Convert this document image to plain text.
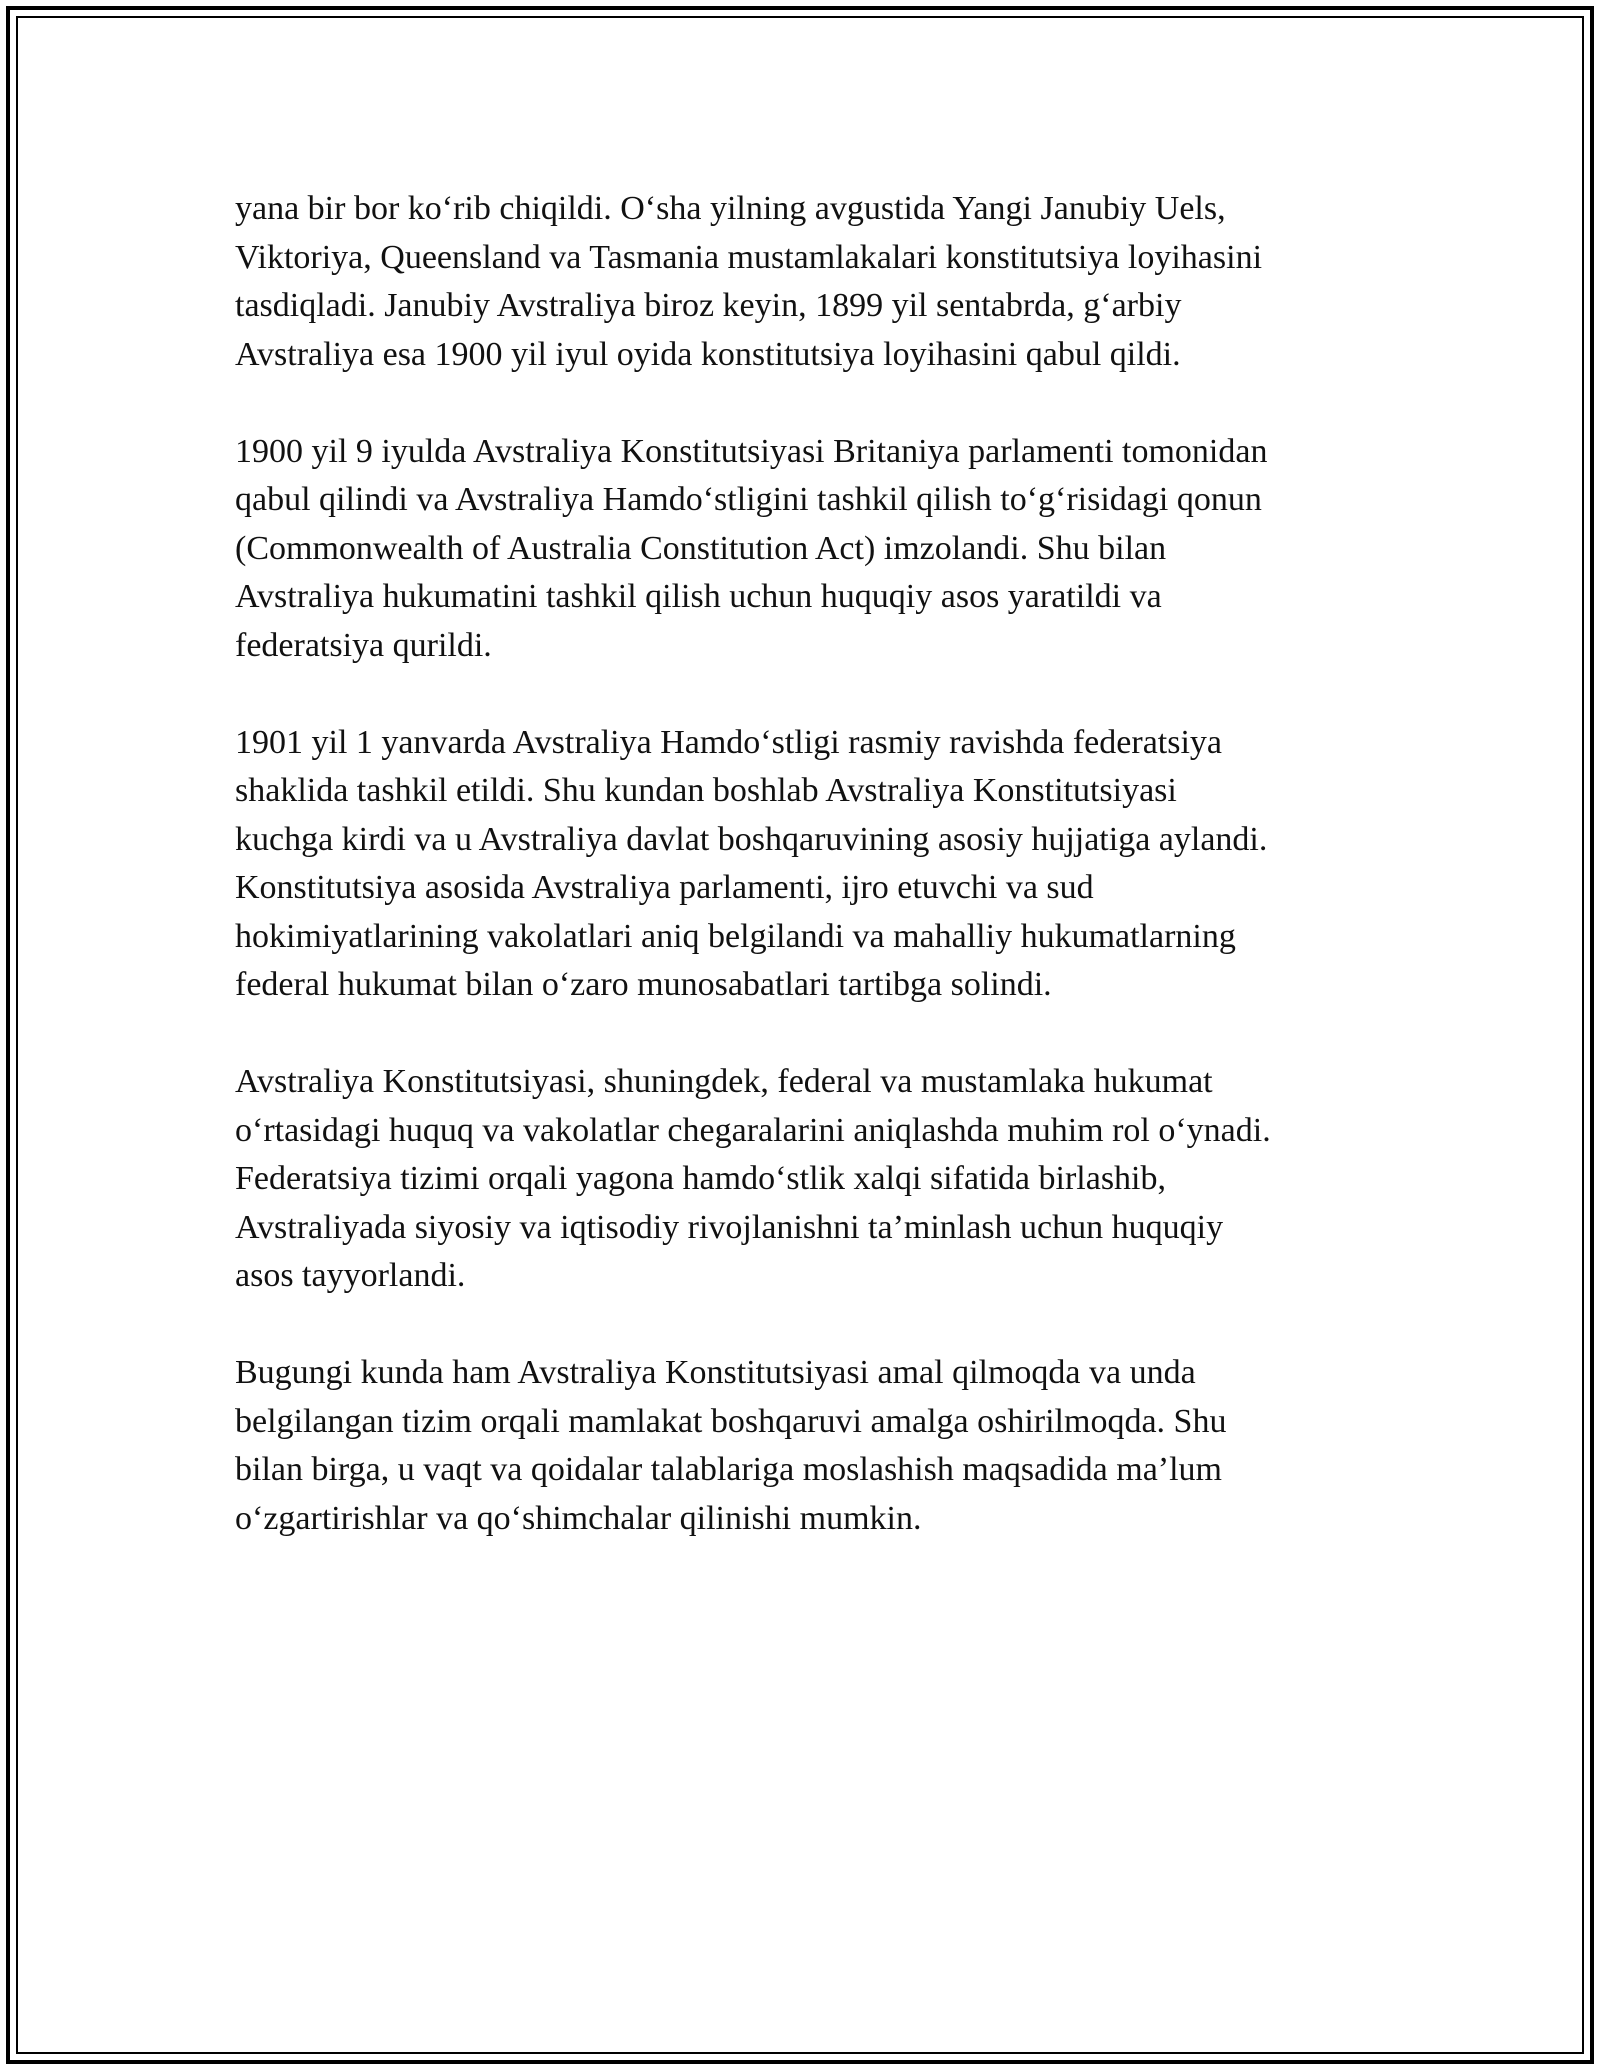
yana bir bor ko‘rib chiqildi. O‘sha yilning avgustida Yangi Janubiy Uels,
Viktoriya, Queensland va Tasmania mustamlakalari konstitutsiya loyihasini
tasdiqladi. Janubiy Avstraliya biroz keyin, 1899 yil sentabrda, g‘arbiy
Avstraliya esa 1900 yil iyul oyida konstitutsiya loyihasini qabul qildi.

1900 yil 9 iyulda Avstraliya Konstitutsiyasi Britaniya parlamenti tomonidan
qabul qilindi va Avstraliya Hamdo‘stligini tashkil qilish to‘g‘risidagi qonun
(Commonwealth of Australia Constitution Act) imzolandi. Shu bilan
Avstraliya hukumatini tashkil qilish uchun huquqiy asos yaratildi va
federatsiya qurildi.

1901 yil 1 yanvarda Avstraliya Hamdo‘stligi rasmiy ravishda federatsiya
shaklida tashkil etildi. Shu kundan boshlab Avstraliya Konstitutsiyasi
kuchga kirdi va u Avstraliya davlat boshqaruvining asosiy hujjatiga aylandi.
Konstitutsiya asosida Avstraliya parlamenti, ijro etuvchi va sud
hokimiyatlarining vakolatlari aniq belgilandi va mahalliy hukumatlarning
federal hukumat bilan o‘zaro munosabatlari tartibga solindi.

Avstraliya Konstitutsiyasi, shuningdek, federal va mustamlaka hukumat
o‘rtasidagi huquq va vakolatlar chegaralarini aniqlashda muhim rol o‘ynadi.
Federatsiya tizimi orqali yagona hamdo‘stlik xalqi sifatida birlashib,
Avstraliyada siyosiy va iqtisodiy rivojlanishni ta’minlash uchun huquqiy
asos tayyorlandi.

Bugungi kunda ham Avstraliya Konstitutsiyasi amal qilmoqda va unda
belgilangan tizim orqali mamlakat boshqaruvi amalga oshirilmoqda. Shu
bilan birga, u vaqt va qoidalar talablariga moslashish maqsadida ma’lum
o‘zgartirishlar va qo‘shimchalar qilinishi mumkin.
